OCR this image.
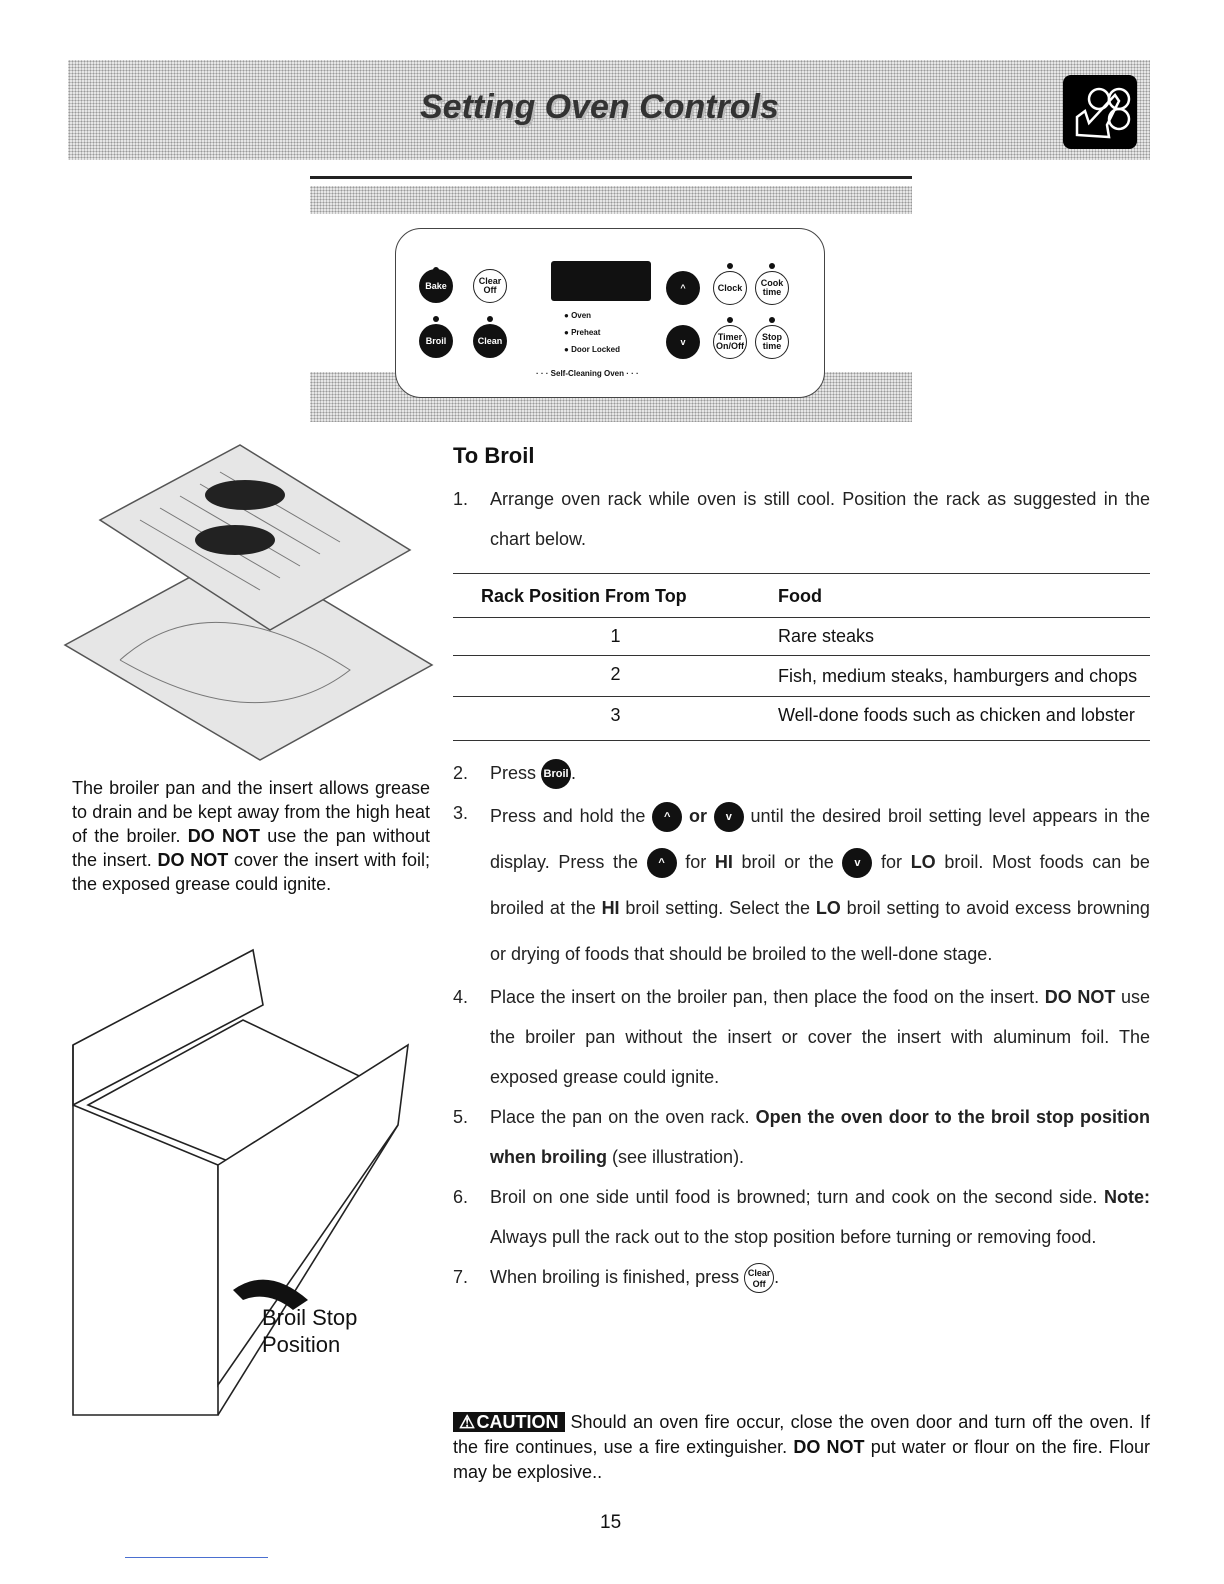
Setting Oven Controls
Bake	Clear Off
Broil	Clean
● Oven
● Preheat
● Door Locked
^
v
Clock	Cook time
Timer On/Off
Stop time
· · · Self-Cleaning Oven · · ·

The broiler pan and the insert allows grease to drain and be kept away from the high heat of the broiler. DO NOT use the pan without the insert. DO NOT cover the insert with foil; the exposed grease could ignite.

Broil Stop
Position
To Broil
1.	Arrange oven rack while oven is still cool. Position the rack as suggested in the chart below.
Rack Position From Top	Food
1	Rare steaks
2	Fish, medium steaks, hamburgers and chops
3	Well-done foods such as chicken and lobster
2.	Press Broil .
3.	Press and hold the ^ or v until the desired broil setting level appears in the display. Press the ^ for HI broil or the v for LO broil. Most foods can be broiled at the HI broil setting. Select the LO broil setting to avoid excess browning or drying of foods that should be broiled to the well-done stage.
4.	Place the insert on the broiler pan, then place the food on the insert. DO NOT use the broiler pan without the insert or cover the insert with aluminum foil. The exposed grease could ignite.
5.	Place the pan on the oven rack. Open the oven door to the broil stop position when broiling (see illustration).
6.	Broil on one side until food is browned; turn and cook on the second side. Note: Always pull the rack out to the stop position before turning or removing food.
7.	When broiling is finished, press Clear Off .

⚠CAUTION Should an oven fire occur, close the oven door and turn off the oven. If the fire continues, use a fire extinguisher. DO NOT put water or flour on the fire. Flour may be explosive..

15
